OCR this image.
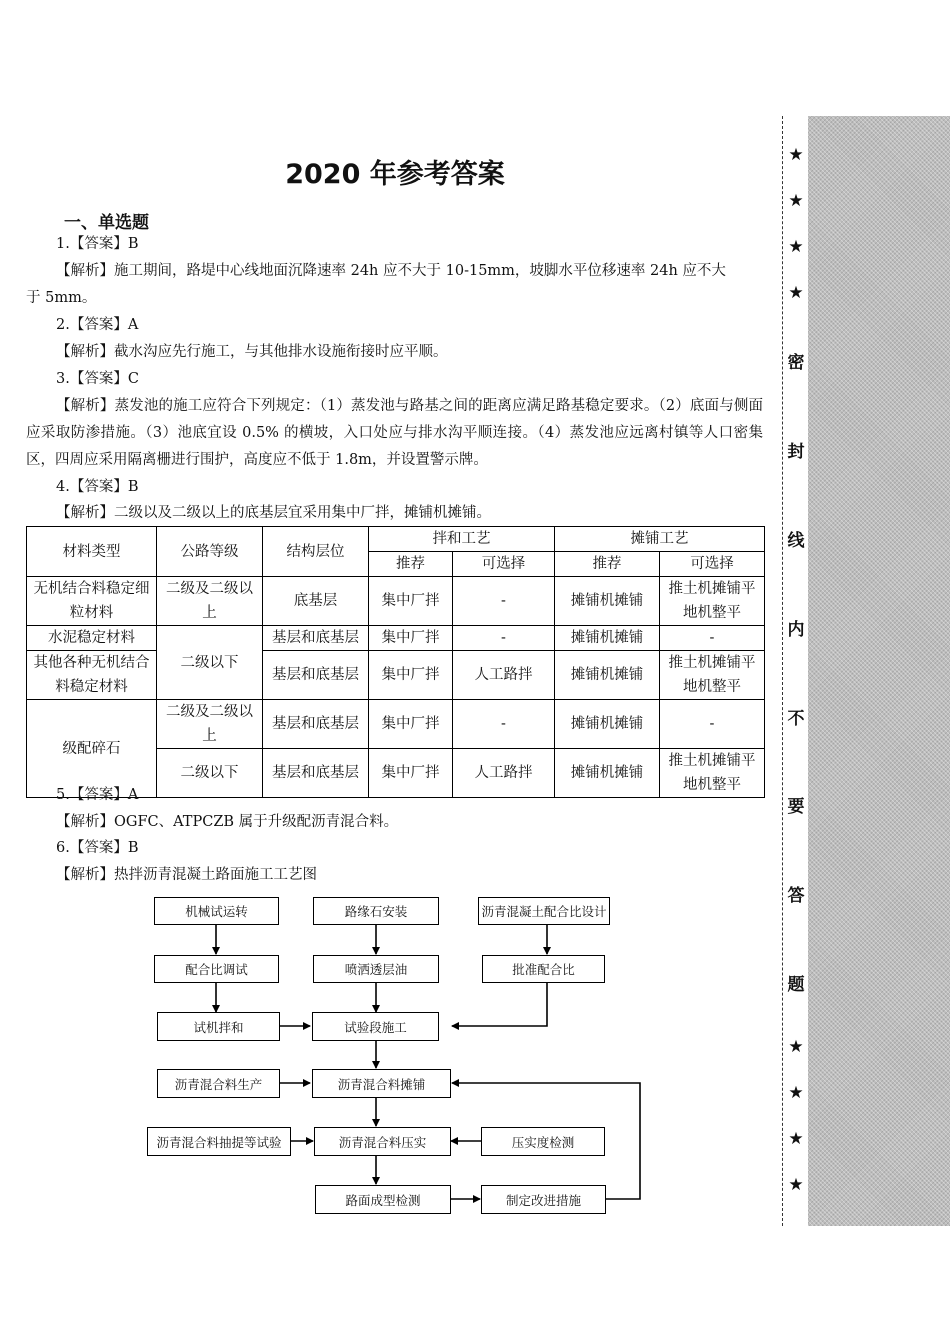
2020 年参考答案
一、单选题
1.【答案】B
【解析】施工期间，路堤中心线地面沉降速率 24h 应不大于 10-15mm，坡脚水平位移速率 24h 应不大
于 5mm。
2.【答案】A
【解析】截水沟应先行施工，与其他排水设施衔接时应平顺。
3.【答案】C
【解析】蒸发池的施工应符合下列规定：（1）蒸发池与路基之间的距离应满足路基稳定要求。（2）底面与侧面应采取防渗措施。（3）池底宜设 0.5% 的横坡，入口处应与排水沟平顺连接。（4）蒸发池应远离村镇等人口密集区，四周应采用隔离栅进行围护，高度应不低于 1.8m，并设置警示牌。
4.【答案】B
【解析】二级以及二级以上的底基层宜采用集中厂拌，摊铺机摊铺。
材料类型	公路等级	结构层位	拌和工艺		摊铺工艺	
			推荐	可选择	推荐	可选择
无机结合料稳定细粒材料	二级及二级以上	底基层	集中厂拌	-	摊铺机摊铺	推土机摊铺平地机整平
水泥稳定材料	二级以下	基层和底基层	集中厂拌	-	摊铺机摊铺	-
其他各种无机结合料稳定材料		基层和底基层	集中厂拌	人工路拌	摊铺机摊铺	推土机摊铺平地机整平
级配碎石	二级及二级以上	基层和底基层	集中厂拌	-	摊铺机摊铺	-
	二级以下	基层和底基层	集中厂拌	人工路拌	摊铺机摊铺	推土机摊铺平地机整平
5.【答案】A
【解析】OGFC、ATPCZB 属于升级配沥青混合料。
6.【答案】B
【解析】热拌沥青混凝土路面施工工艺图
机械试运转	路缘石安装	沥青混凝土配合比设计
配合比调试	喷洒透层油	批准配合比
试机拌和	试验段施工
沥青混合料生产	沥青混合料摊铺
沥青混合料抽提等试验	沥青混合料压实	压实度检测
路面成型检测	制定改进措施
★
★
★
★
密
封
线
内
不
要
答
题
★
★
★
★
